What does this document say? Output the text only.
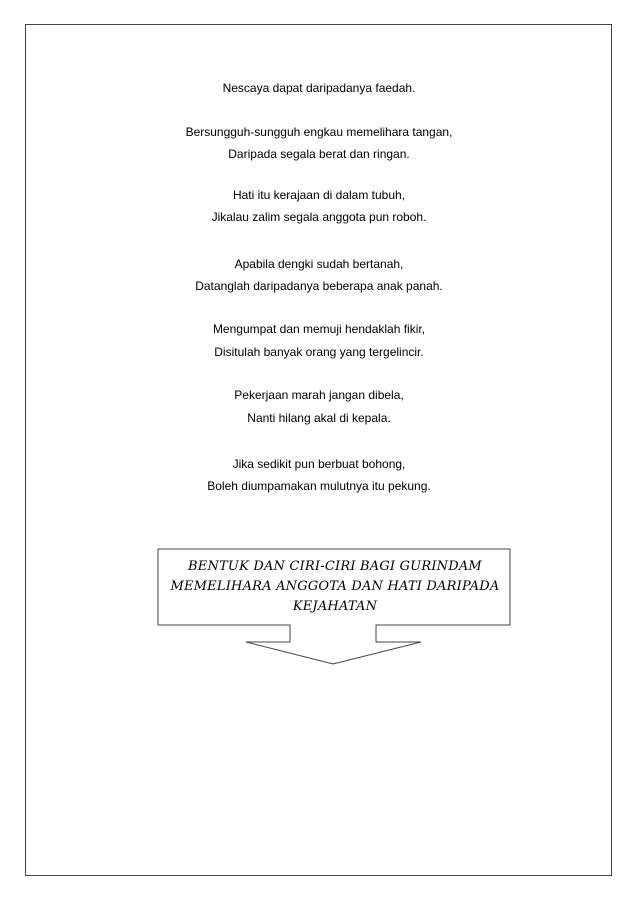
Nescaya dapat daripadanya faedah.
Bersungguh-sungguh engkau memelihara tangan,
Daripada segala berat dan ringan.
Hati itu kerajaan di dalam tubuh,
Jikalau zalim segala anggota pun roboh.
Apabila dengki sudah bertanah,
Datanglah daripadanya beberapa anak panah.
Mengumpat dan memuji hendaklah fikir,
Disitulah banyak orang yang tergelincir.
Pekerjaan marah jangan dibela,
Nanti hilang akal di kepala.
Jika sedikit pun berbuat bohong,
Boleh diumpamakan mulutnya itu pekung.
BENTUK DAN CIRI-CIRI BAGI GURINDAM
MEMELIHARA ANGGOTA DAN HATI DARIPADA
KEJAHATAN
